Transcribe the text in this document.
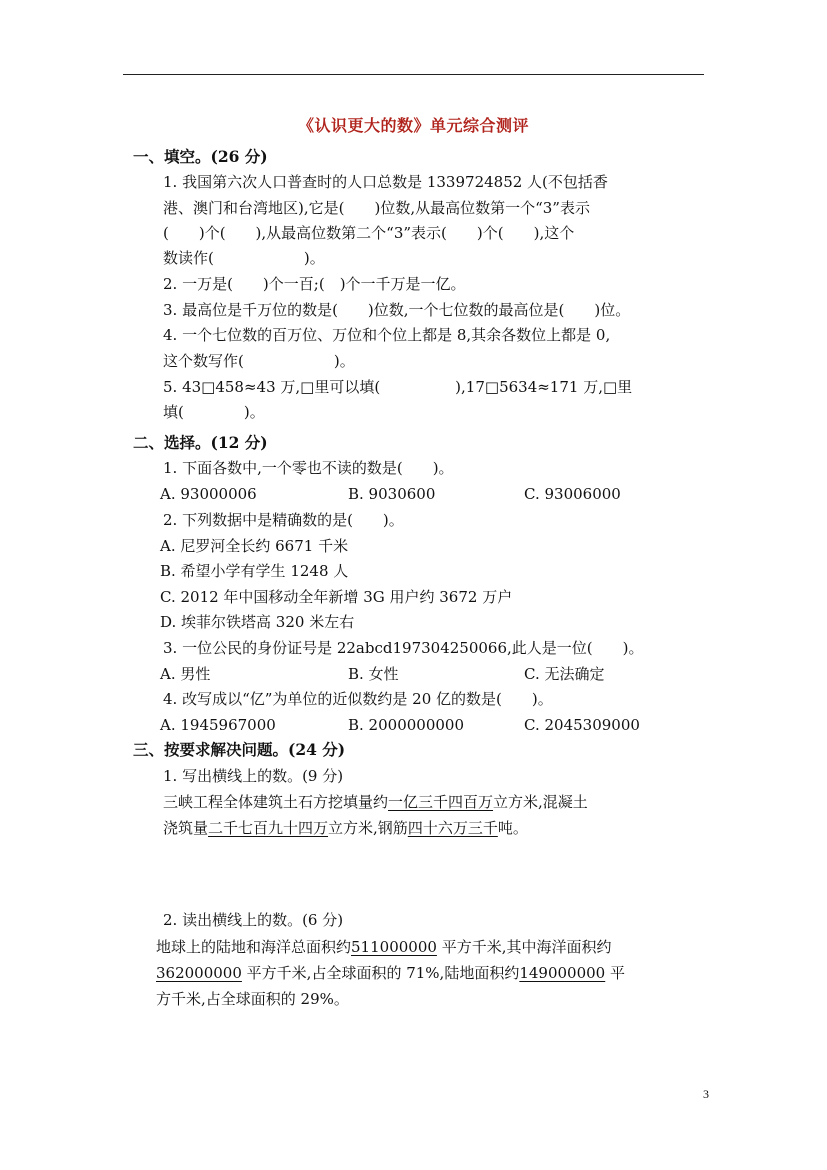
《认识更大的数》单元综合测评
一、填空。(26 分)
1. 我国第六次人口普查时的人口总数是 1339724852 人(不包括香
港、澳门和台湾地区),它是(　　)位数,从最高位数第一个“3”表示
(　　)个(　　),从最高位数第二个“3”表示(　　)个(　　),这个
数读作(　　　　　　)。
2. 一万是(　　)个一百;(　)个一千万是一亿。
3. 最高位是千万位的数是(　　)位数,一个七位数的最高位是(　　)位。
4. 一个七位数的百万位、万位和个位上都是 8,其余各数位上都是 0,
这个数写作(　　　　　　)。
5. 43□458≈43 万,□里可以填(　　　　　),17□5634≈171 万,□里
填(　　　　)。
二、选择。(12 分)
1. 下面各数中,一个零也不读的数是(　　)。
A. 93000006	B. 9030600	C. 93006000
2. 下列数据中是精确数的是(　　)。
A. 尼罗河全长约 6671 千米
B. 希望小学有学生 1248 人
C. 2012 年中国移动全年新增 3G 用户约 3672 万户
D. 埃菲尔铁塔高 320 米左右
3. 一位公民的身份证号是 22abcd197304250066,此人是一位(　　)。
A. 男性	B. 女性	C. 无法确定
4. 改写成以“亿”为单位的近似数约是 20 亿的数是(　　)。
A. 1945967000	B. 2000000000	C. 2045309000
三、按要求解决问题。(24 分)
1. 写出横线上的数。(9 分)
三峡工程全体建筑土石方挖填量约一亿三千四百万立方米,混凝土
浇筑量二千七百九十四万立方米,钢筋四十六万三千吨。
2. 读出横线上的数。(6 分)
地球上的陆地和海洋总面积约511000000 平方千米,其中海洋面积约
362000000 平方千米,占全球面积的 71%,陆地面积约149000000 平
方千米,占全球面积的 29%。
3
